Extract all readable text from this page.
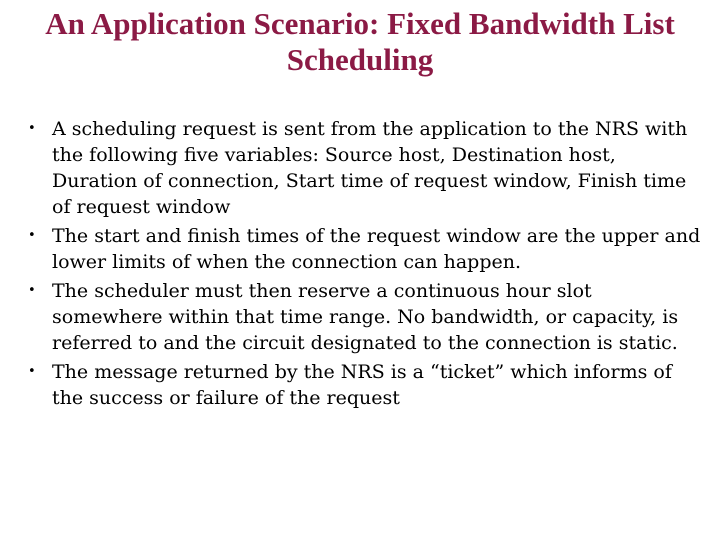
An Application Scenario: Fixed Bandwidth List Scheduling
• A scheduling request is sent from the application to the NRS with the following five variables: Source host, Destination host, Duration of connection, Start time of request window, Finish time of request window
• The start and finish times of the request window are the upper and lower limits of when the connection can happen.
• The scheduler must then reserve a continuous hour slot somewhere within that time range. No bandwidth, or capacity, is referred to and the circuit designated to the connection is static.
• The message returned by the NRS is a “ticket” which informs of the success or failure of the request
